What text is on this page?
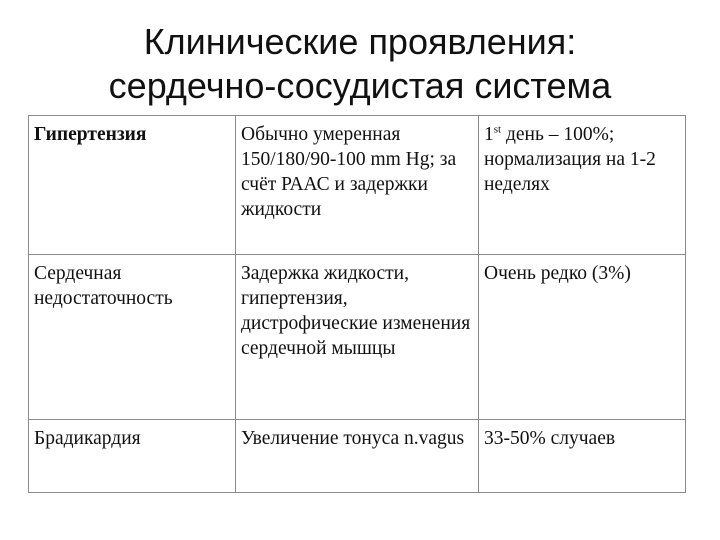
Клинические проявления:
сердечно-сосудистая система
Гипертензия	Обычно умеренная 150/180/90-100 mm Hg; за счёт РААС и задержки жидкости	1st день – 100%; нормализация на 1-2 неделях
Сердечная недостаточность	Задержка жидкости, гипертензия, дистрофические изменения сердечной мышцы	Очень редко (3%)
Брадикардия	Увеличение тонуса n.vagus	33-50% случаев
